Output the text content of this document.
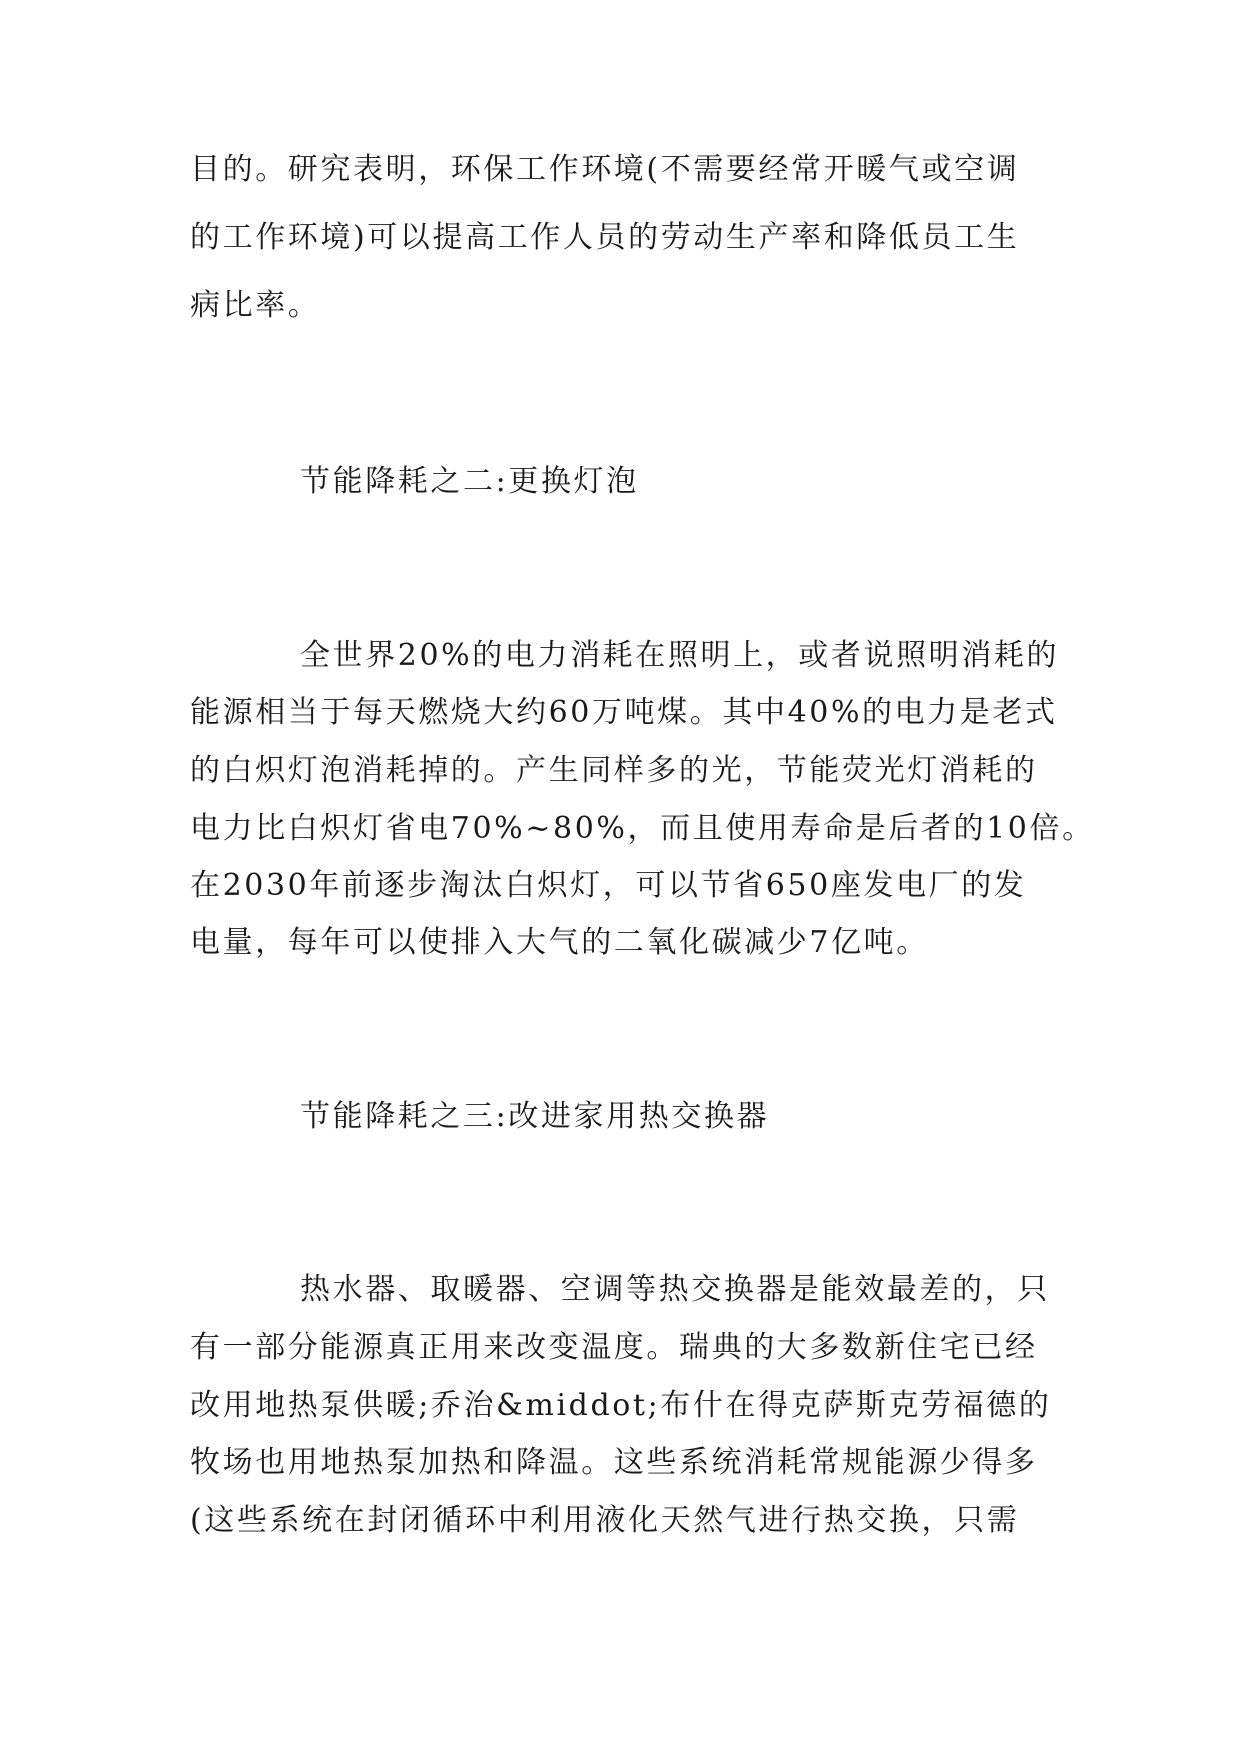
目的。研究表明，环保工作环境(不需要经常开暖气或空调
的工作环境)可以提高工作人员的劳动生产率和降低员工生
病比率。
节能降耗之二:更换灯泡
全世界20%的电力消耗在照明上，或者说照明消耗的
能源相当于每天燃烧大约60万吨煤。其中40%的电力是老式
的白炽灯泡消耗掉的。产生同样多的光，节能荧光灯消耗的
电力比白炽灯省电70%~80%，而且使用寿命是后者的10倍。
在2030年前逐步淘汰白炽灯，可以节省650座发电厂的发
电量，每年可以使排入大气的二氧化碳减少7亿吨。
节能降耗之三:改进家用热交换器
热水器、取暖器、空调等热交换器是能效最差的，只
有一部分能源真正用来改变温度。瑞典的大多数新住宅已经
改用地热泵供暖;乔治&middot;布什在得克萨斯克劳福德的
牧场也用地热泵加热和降温。这些系统消耗常规能源少得多
(这些系统在封闭循环中利用液化天然气进行热交换，只需
